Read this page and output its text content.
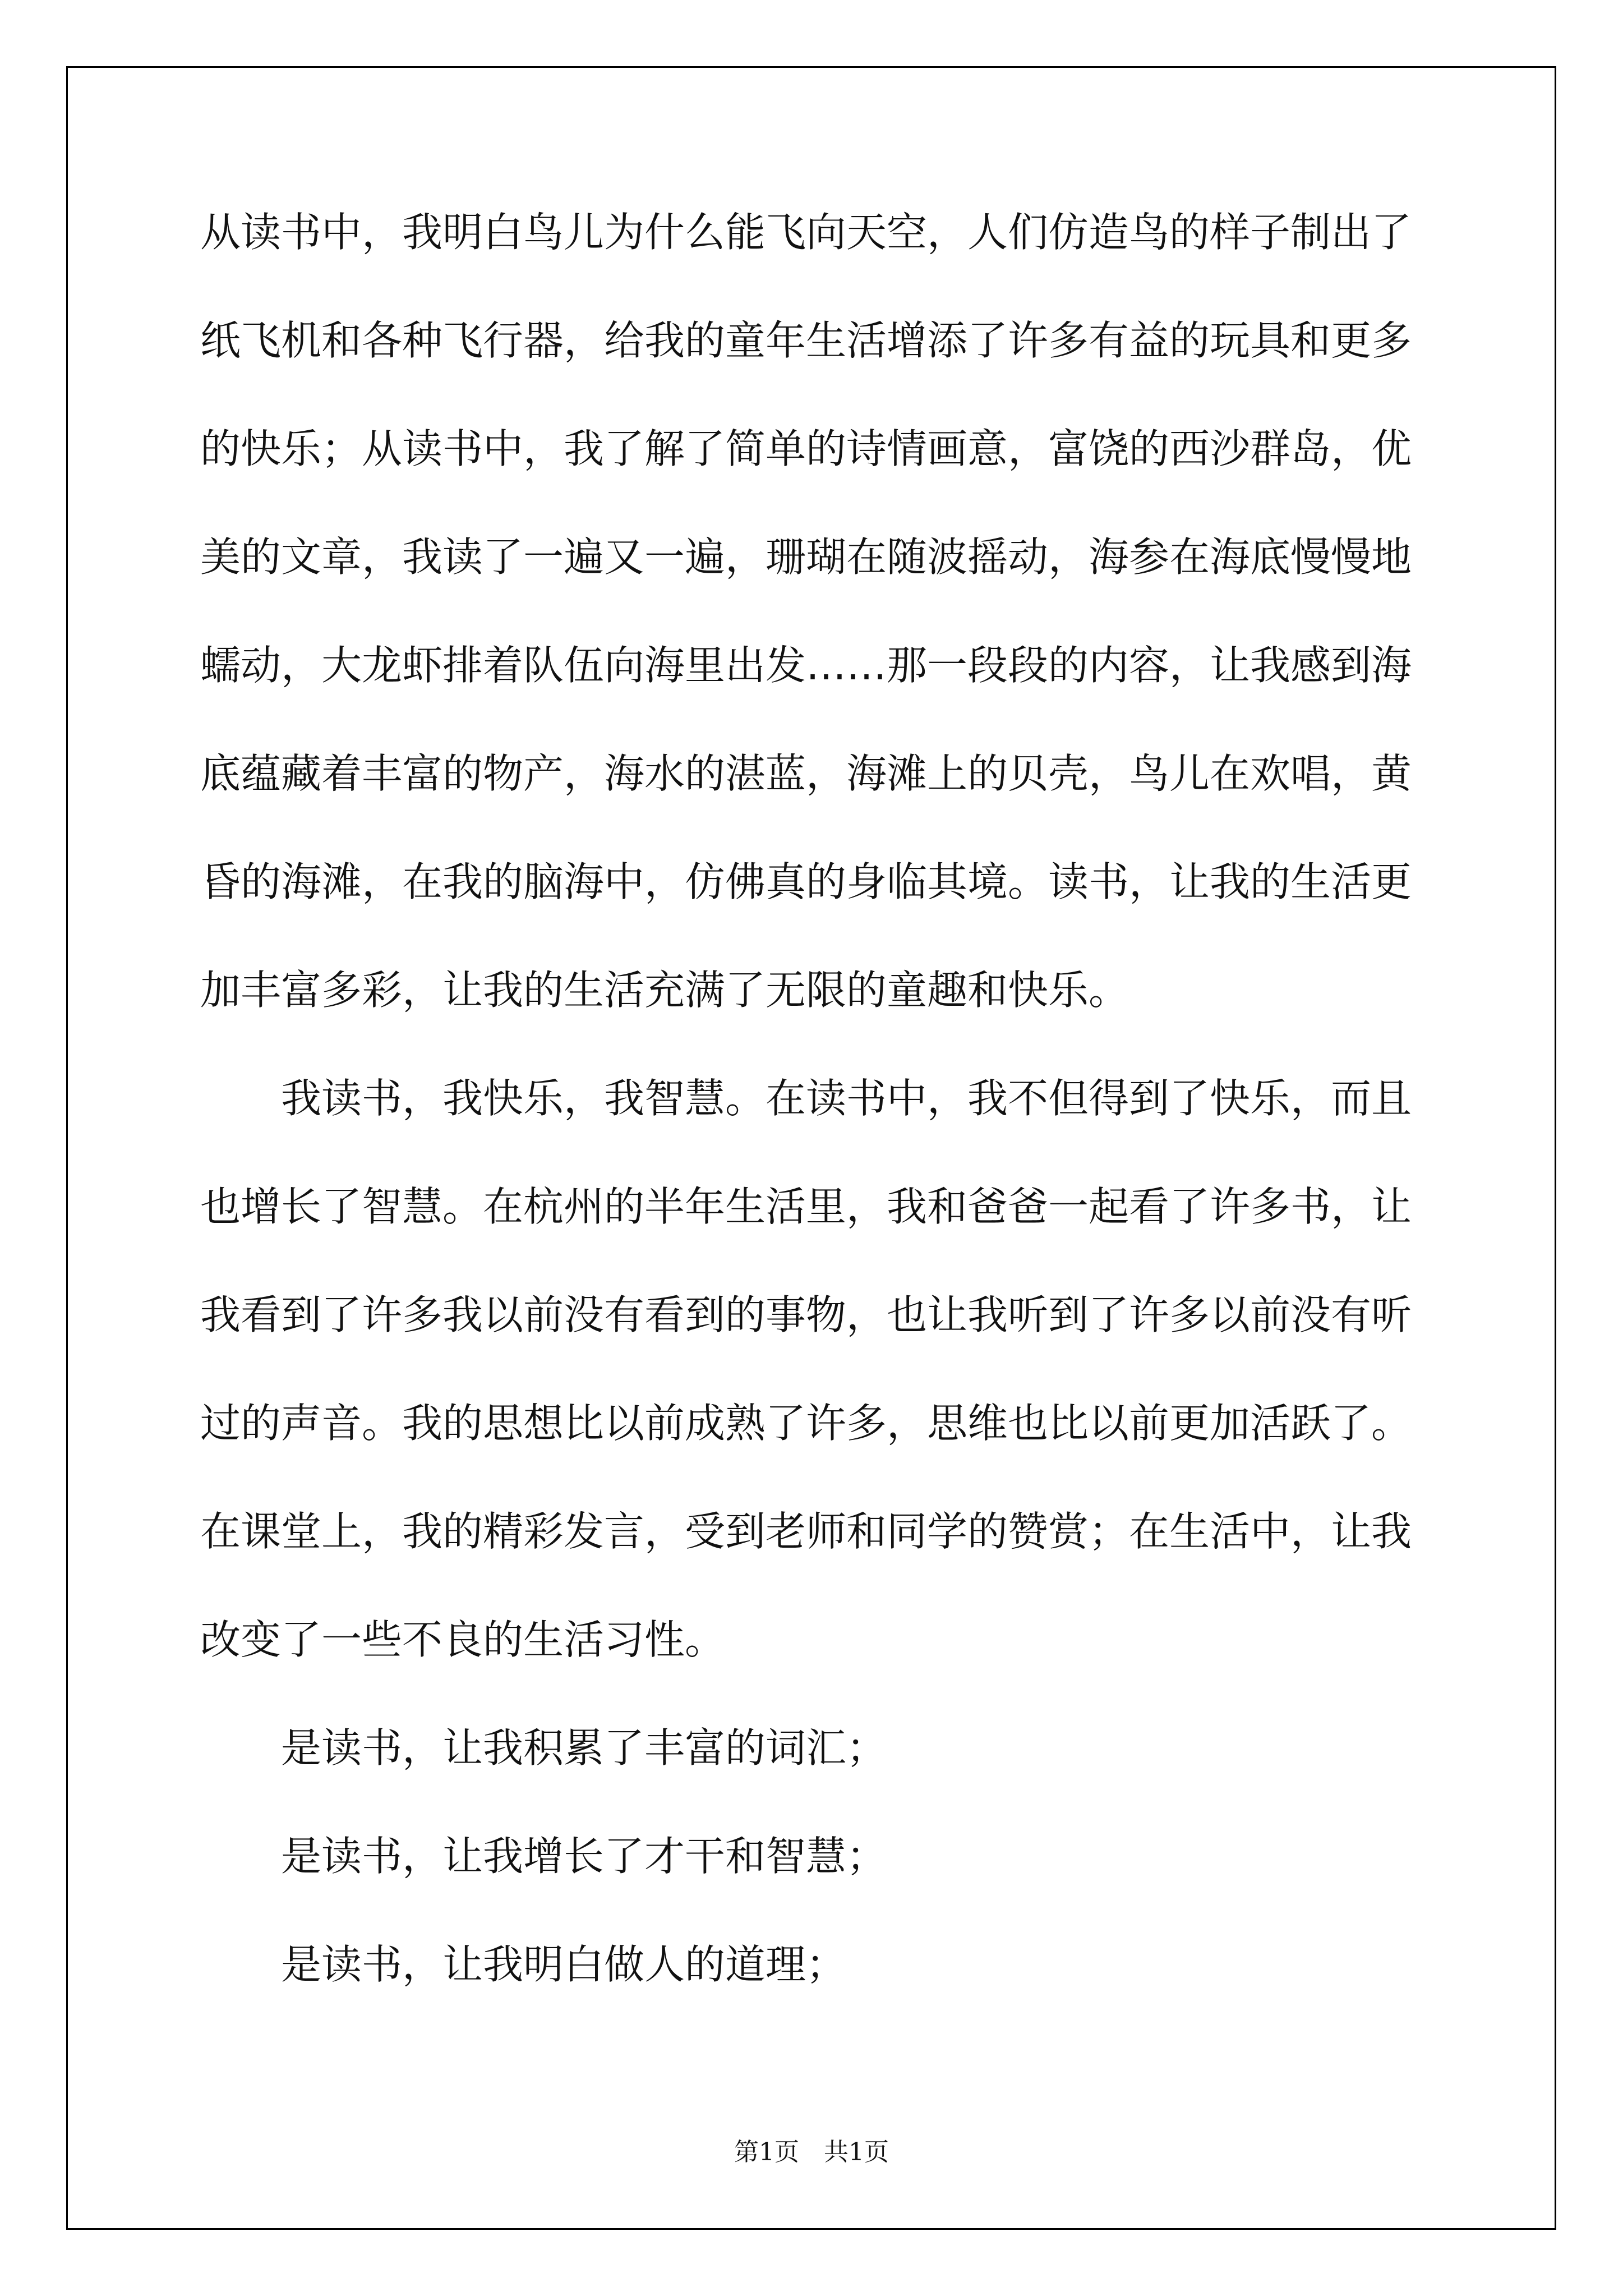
从读书中，我明白鸟儿为什么能飞向天空，人们仿造鸟的样子制出了
纸飞机和各种飞行器，给我的童年生活增添了许多有益的玩具和更多
的快乐；从读书中，我了解了简单的诗情画意，富饶的西沙群岛，优
美的文章，我读了一遍又一遍，珊瑚在随波摇动，海参在海底慢慢地
蠕动，大龙虾排着队伍向海里出发……那一段段的内容，让我感到海
底蕴藏着丰富的物产，海水的湛蓝，海滩上的贝壳，鸟儿在欢唱，黄
昏的海滩，在我的脑海中，仿佛真的身临其境。读书，让我的生活更
加丰富多彩，让我的生活充满了无限的童趣和快乐。

我读书，我快乐，我智慧。在读书中，我不但得到了快乐，而且
也增长了智慧。在杭州的半年生活里，我和爸爸一起看了许多书，让
我看到了许多我以前没有看到的事物，也让我听到了许多以前没有听
过的声音。我的思想比以前成熟了许多，思维也比以前更加活跃了。
在课堂上，我的精彩发言，受到老师和同学的赞赏；在生活中，让我
改变了一些不良的生活习性。

是读书，让我积累了丰富的词汇；

是读书，让我增长了才干和智慧；

是读书，让我明白做人的道理；

第1页　共1页
